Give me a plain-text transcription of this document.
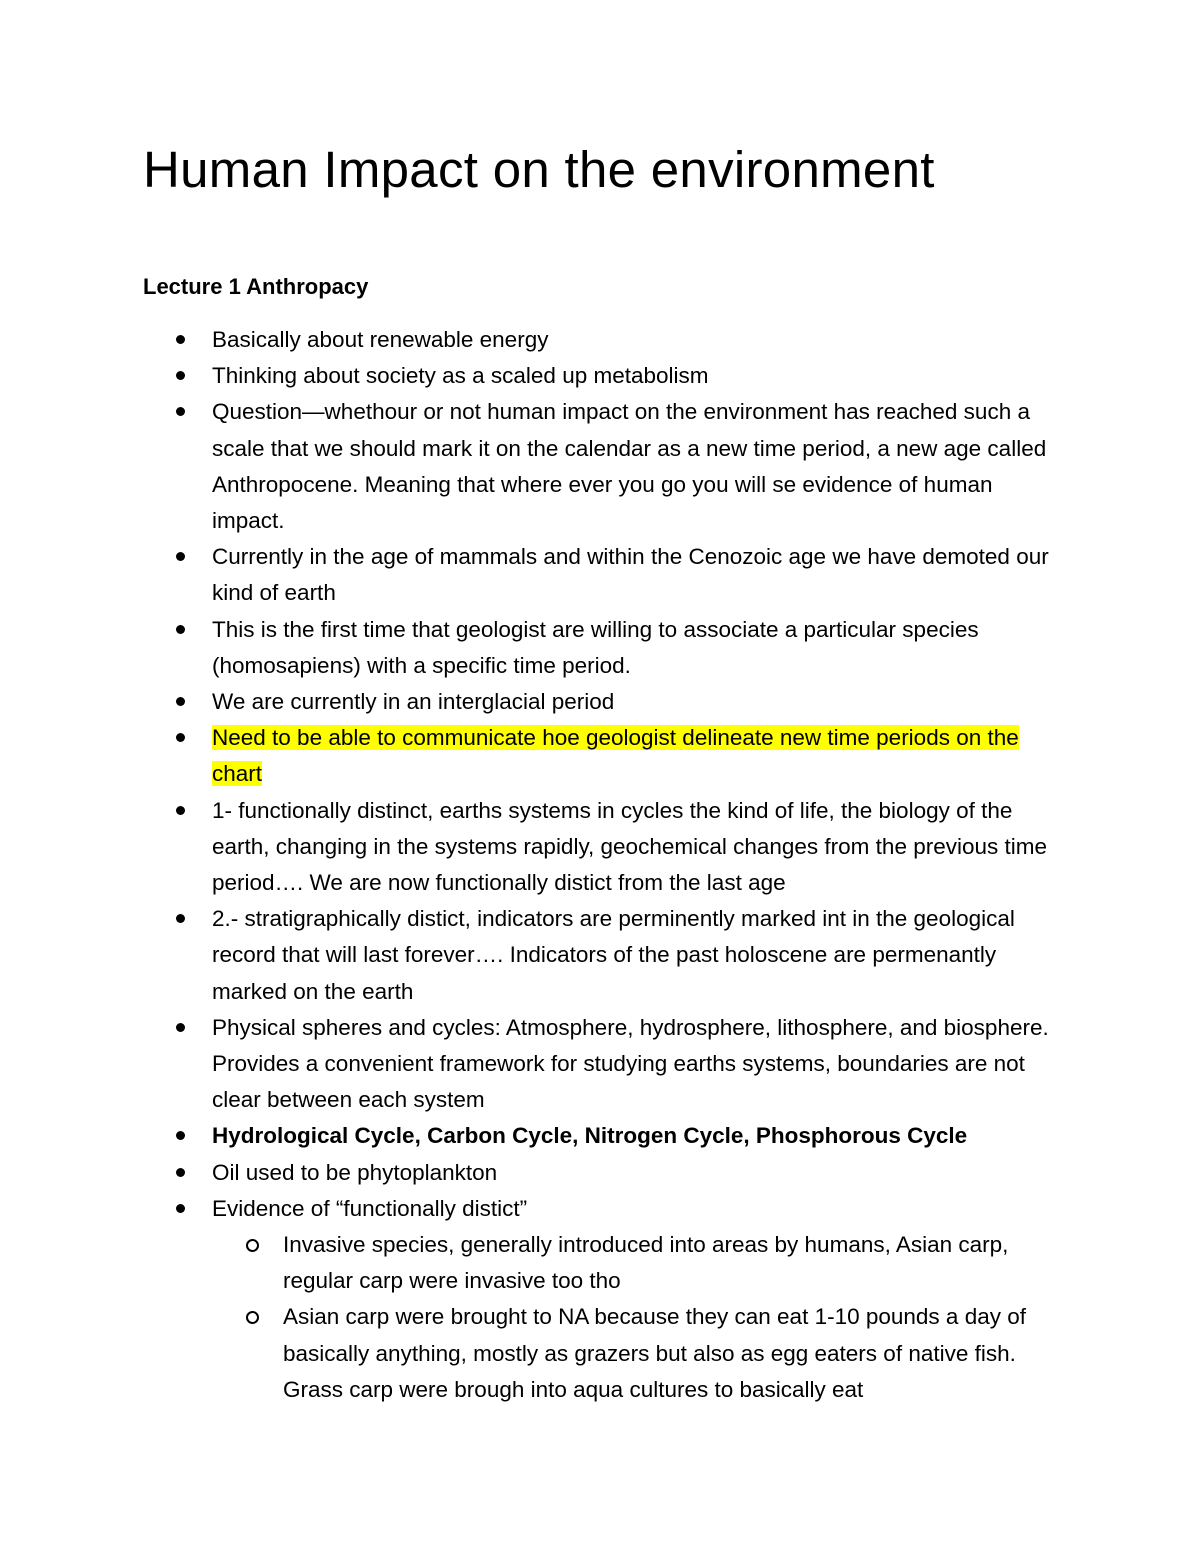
Human Impact on the environment
Lecture 1 Anthropacy
Basically about renewable energy
Thinking about society as a scaled up metabolism
Question—whethour or not human impact on the environment has reached such a scale that we should mark it on the calendar as a new time period, a new age called Anthropocene. Meaning that where ever you go you will se evidence of human impact.
Currently in the age of mammals and within the Cenozoic age we have demoted our kind of earth
This is the first time that geologist are willing to associate a particular species (homosapiens) with a specific time period.
We are currently in an interglacial period
Need to be able to communicate hoe geologist delineate new time periods on the chart
1- functionally distinct, earths systems in cycles the kind of life, the biology of the earth, changing in the systems rapidly, geochemical changes from the previous time period…. We are now functionally distict from the last age
2.- stratigraphically distict, indicators are perminently marked int in the geological record that will last forever…. Indicators of the past holoscene are permenantly marked on the earth
Physical spheres and cycles: Atmosphere, hydrosphere, lithosphere, and biosphere. Provides a convenient framework for studying earths systems, boundaries are not clear between each system
Hydrological Cycle, Carbon Cycle, Nitrogen Cycle, Phosphorous Cycle
Oil used to be phytoplankton
Evidence of “functionally distict”
Invasive species, generally introduced into areas by humans, Asian carp, regular carp were invasive too tho
Asian carp were brought to NA because they can eat 1-10 pounds a day of basically anything, mostly as grazers but also as egg eaters of native fish. Grass carp were brough into aqua cultures to basically eat
